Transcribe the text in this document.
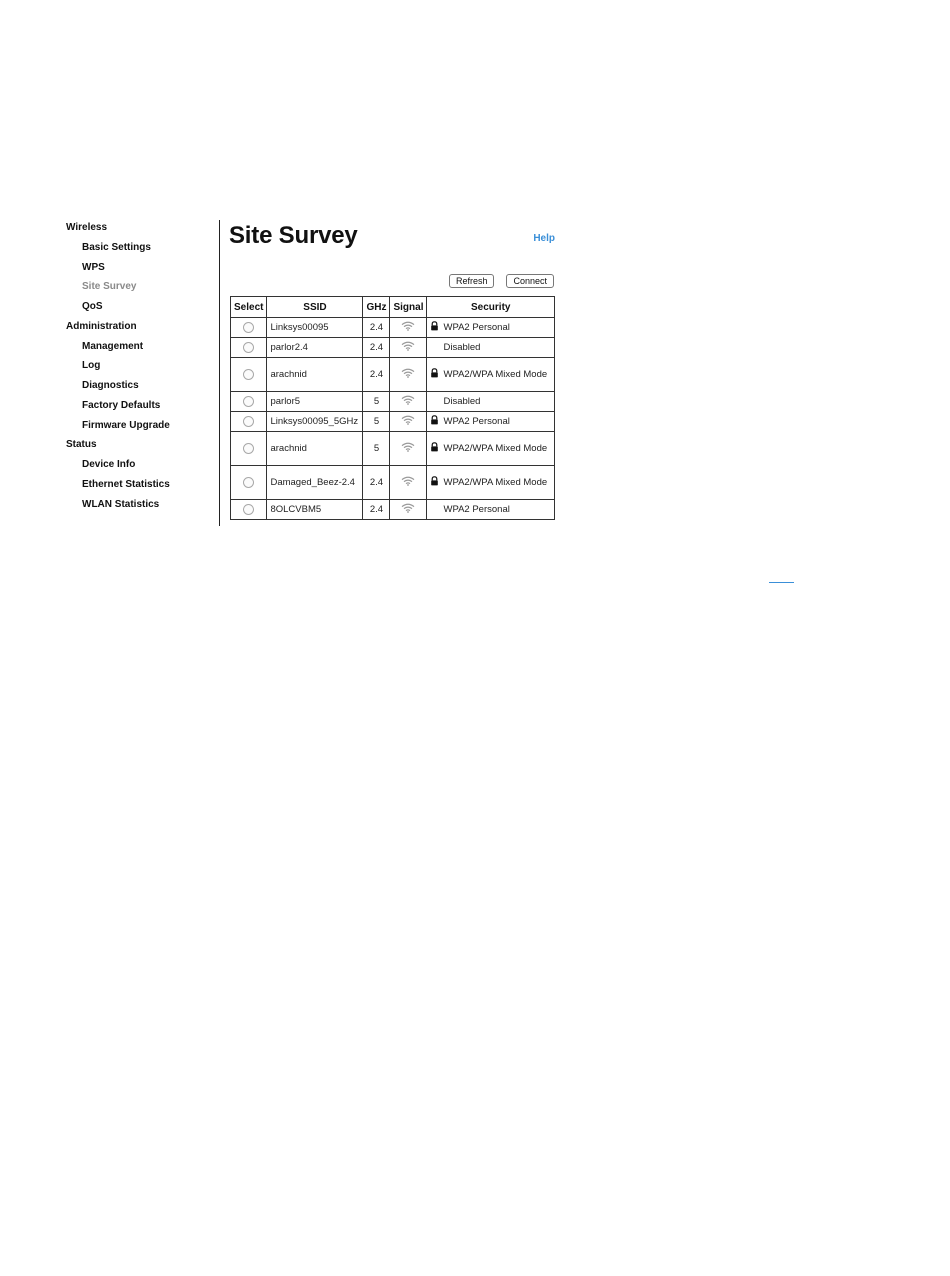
Wireless
Basic Settings
WPS
Site Survey
QoS
Administration
Management
Log
Diagnostics
Factory Defaults
Firmware Upgrade
Status
Device Info
Ethernet Statistics
WLAN Statistics
Site Survey	Help
Refresh	Connect
Select	SSID	GHz	Signal	Security
	Linksys00095	2.4		WPA2 Personal

	parlor2.4	2.4		Disabled

	arachnid	2.4		WPA2/WPA Mixed Mode

	parlor5	5		Disabled

	Linksys00095_5GHz	5		WPA2 Personal

	arachnid	5		WPA2/WPA Mixed Mode

	Damaged_Beez-2.4	2.4		WPA2/WPA Mixed Mode

	8OLCVBM5	2.4		WPA2 Personal
